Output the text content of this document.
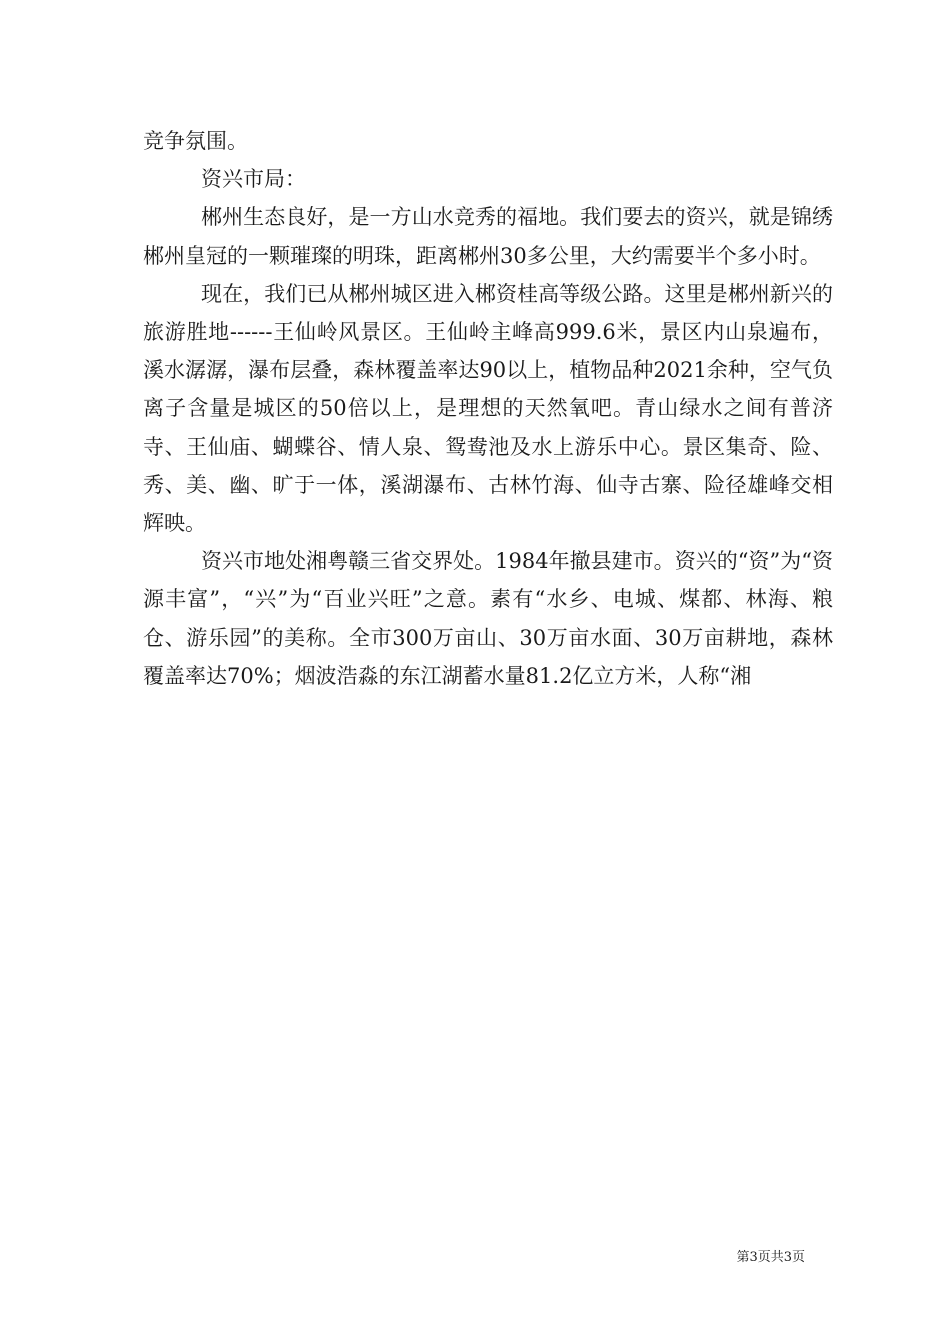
竞争氛围。

资兴市局：

郴州生态良好，是一方山水竞秀的福地。我们要去的资兴，就是锦绣郴州皇冠的一颗璀璨的明珠，距离郴州30多公里，大约需要半个多小时。

现在，我们已从郴州城区进入郴资桂高等级公路。这里是郴州新兴的旅游胜地------王仙岭风景区。王仙岭主峰高999.6米，景区内山泉遍布，溪水潺潺，瀑布层叠，森林覆盖率达90以上，植物品种2021余种，空气负离子含量是城区的50倍以上，是理想的天然氧吧。青山绿水之间有普济寺、王仙庙、蝴蝶谷、情人泉、鸳鸯池及水上游乐中心。景区集奇、险、秀、美、幽、旷于一体，溪湖瀑布、古林竹海、仙寺古寨、险径雄峰交相辉映。

资兴市地处湘粤赣三省交界处。1984年撤县建市。资兴的“资”为“资源丰富”，“兴”为“百业兴旺”之意。素有“水乡、电城、煤都、林海、粮仓、游乐园”的美称。全市300万亩山、30万亩水面、30万亩耕地，森林覆盖率达70%；烟波浩淼的东江湖蓄水量81.2亿立方米，人称“湘

第3页共3页
